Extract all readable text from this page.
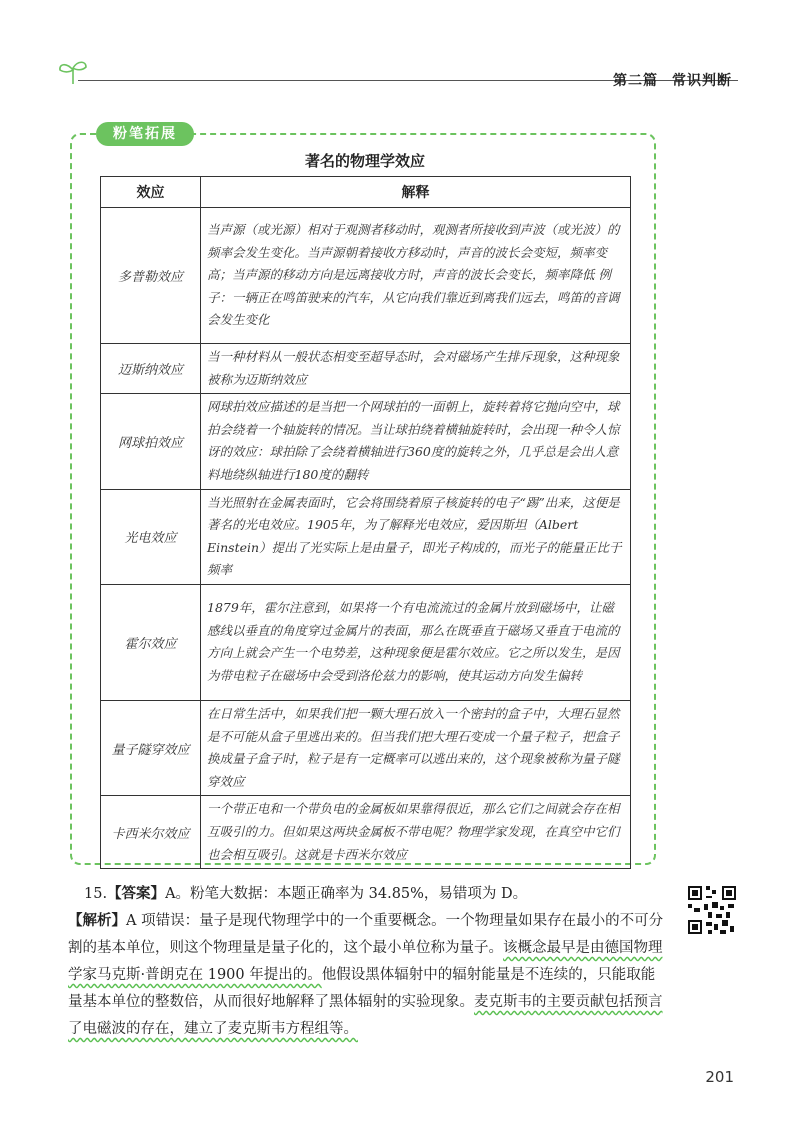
第二篇 常识判断
粉笔拓展
著名的物理学效应
效应	解释
多普勒效应	当声源（或光源）相对于观测者移动时，观测者所接收到声波（或光波）的频率会发生变化。当声源朝着接收方移动时，声音的波长会变短，频率变高；当声源的移动方向是远离接收方时，声音的波长会变长，频率降低 例子：一辆正在鸣笛驶来的汽车，从它向我们靠近到离我们远去，鸣笛的音调会发生变化
迈斯纳效应	当一种材料从一般状态相变至超导态时，会对磁场产生排斥现象，这种现象被称为迈斯纳效应
网球拍效应	网球拍效应描述的是当把一个网球拍的一面朝上，旋转着将它抛向空中，球拍会绕着一个轴旋转的情况。当让球拍绕着横轴旋转时，会出现一种令人惊讶的效应：球拍除了会绕着横轴进行360度的旋转之外，几乎总是会出人意料地绕纵轴进行180度的翻转
光电效应	当光照射在金属表面时，它会将围绕着原子核旋转的电子“踢”出来，这便是著名的光电效应。1905年，为了解释光电效应，爱因斯坦（Albert Einstein）提出了光实际上是由量子，即光子构成的，而光子的能量正比于频率
霍尔效应	1879年，霍尔注意到，如果将一个有电流流过的金属片放到磁场中，让磁感线以垂直的角度穿过金属片的表面，那么在既垂直于磁场又垂直于电流的方向上就会产生一个电势差，这种现象便是霍尔效应。它之所以发生，是因为带电粒子在磁场中会受到洛伦兹力的影响，使其运动方向发生偏转
量子隧穿效应	在日常生活中，如果我们把一颗大理石放入一个密封的盒子中，大理石显然是不可能从盒子里逃出来的。但当我们把大理石变成一个量子粒子，把盒子换成量子盒子时，粒子是有一定概率可以逃出来的，这个现象被称为量子隧穿效应
卡西米尔效应	一个带正电和一个带负电的金属板如果靠得很近，那么它们之间就会存在相互吸引的力。但如果这两块金属板不带电呢？物理学家发现，在真空中它们也会相互吸引。这就是卡西米尔效应
15.【答案】A。粉笔大数据：本题正确率为 34.85%，易错项为 D。
【解析】A 项错误：量子是现代物理学中的一个重要概念。一个物理量如果存在最小的不可分割的基本单位，则这个物理量是量子化的，这个最小单位称为量子。该概念最早是由德国物理学家马克斯·普朗克在 1900 年提出的。他假设黑体辐射中的辐射能量是不连续的，只能取能量基本单位的整数倍，从而很好地解释了黑体辐射的实验现象。麦克斯韦的主要贡献包括预言了电磁波的存在，建立了麦克斯韦方程组等。
201
